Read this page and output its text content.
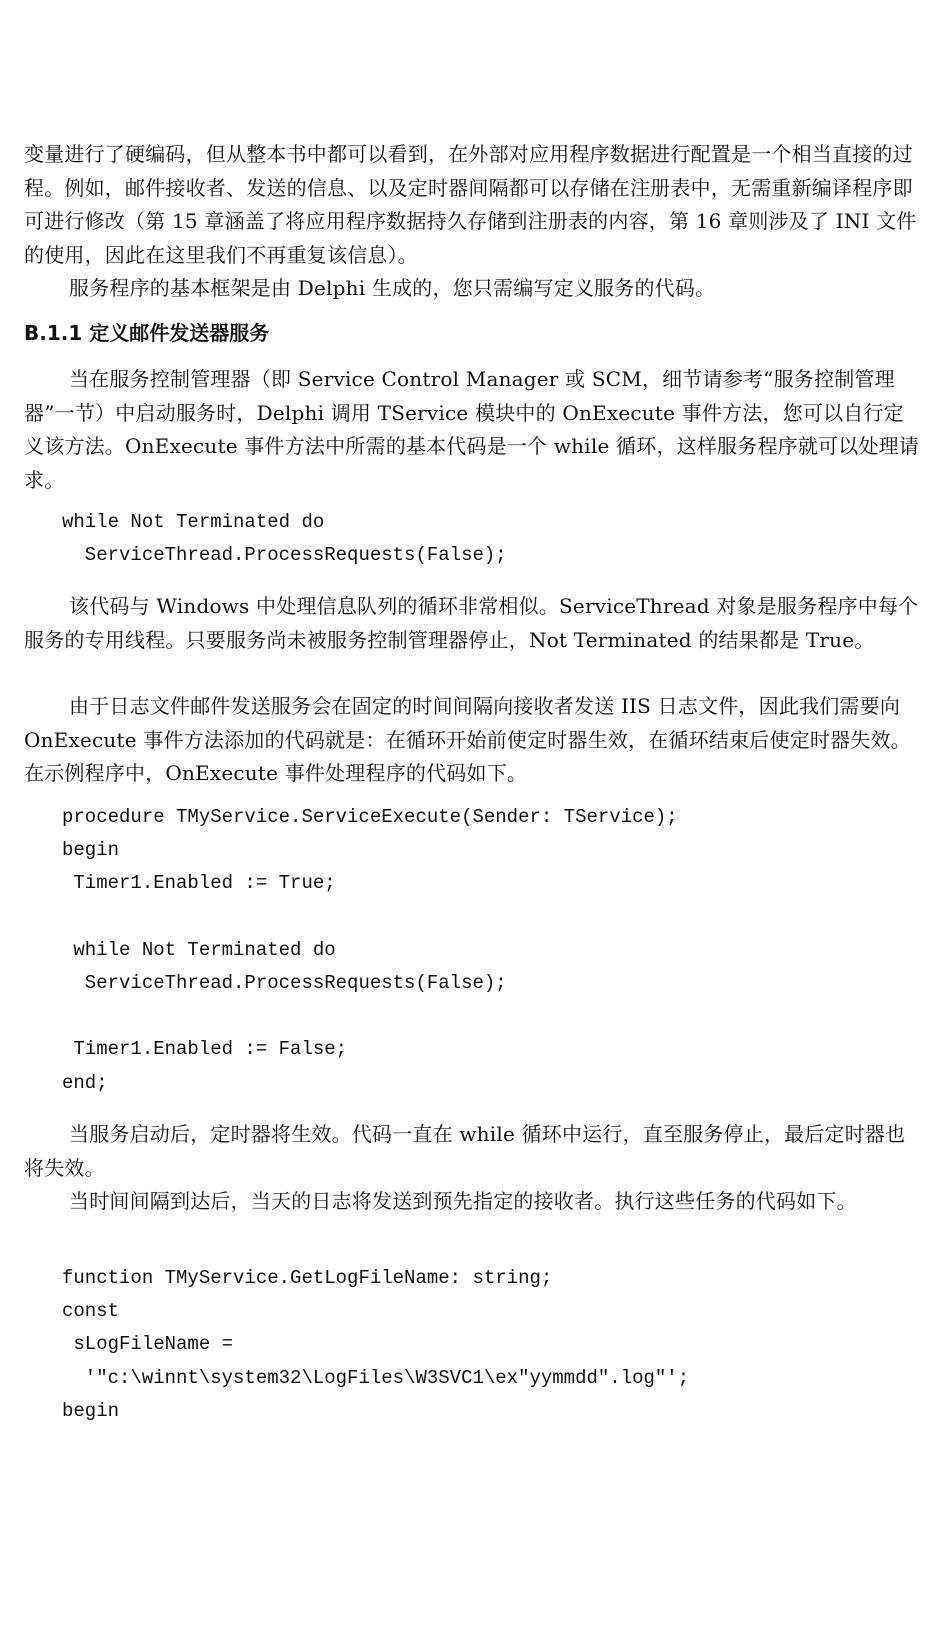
变量进行了硬编码，但从整本书中都可以看到，在外部对应用程序数据进行配置是一个相当直接的过程。例如，邮件接收者、发送的信息、以及定时器间隔都可以存储在注册表中，无需重新编译程序即可进行修改（第 15 章涵盖了将应用程序数据持久存储到注册表的内容，第 16 章则涉及了 INI 文件的使用，因此在这里我们不再重复该信息）。

服务程序的基本框架是由 Delphi 生成的，您只需编写定义服务的代码。

B.1.1 定义邮件发送器服务

当在服务控制管理器（即 Service Control Manager 或 SCM，细节请参考“服务控制管理器”一节）中启动服务时，Delphi 调用 TService 模块中的 OnExecute 事件方法，您可以自行定义该方法。OnExecute 事件方法中所需的基本代码是一个 while 循环，这样服务程序就可以处理请求。

while Not Terminated do
ServiceThread.ProcessRequests(False);

该代码与 Windows 中处理信息队列的循环非常相似。ServiceThread 对象是服务程序中每个服务的专用线程。只要服务尚未被服务控制管理器停止，Not Terminated 的结果都是 True。

由于日志文件邮件发送服务会在固定的时间间隔向接收者发送 IIS 日志文件，因此我们需要向 OnExecute 事件方法添加的代码就是：在循环开始前使定时器生效，在循环结束后使定时器失效。在示例程序中，OnExecute 事件处理程序的代码如下。

procedure TMyService.ServiceExecute(Sender: TService);
begin
Timer1.Enabled := True;

while Not Terminated do
ServiceThread.ProcessRequests(False);

Timer1.Enabled := False;
end;

当服务启动后，定时器将生效。代码一直在 while 循环中运行，直至服务停止，最后定时器也将失效。

当时间间隔到达后，当天的日志将发送到预先指定的接收者。执行这些任务的代码如下。

function TMyService.GetLogFileName: string;
const
sLogFileName =
'"c:\winnt\system32\LogFiles\W3SVC1\ex"yymmdd".log"';
begin
